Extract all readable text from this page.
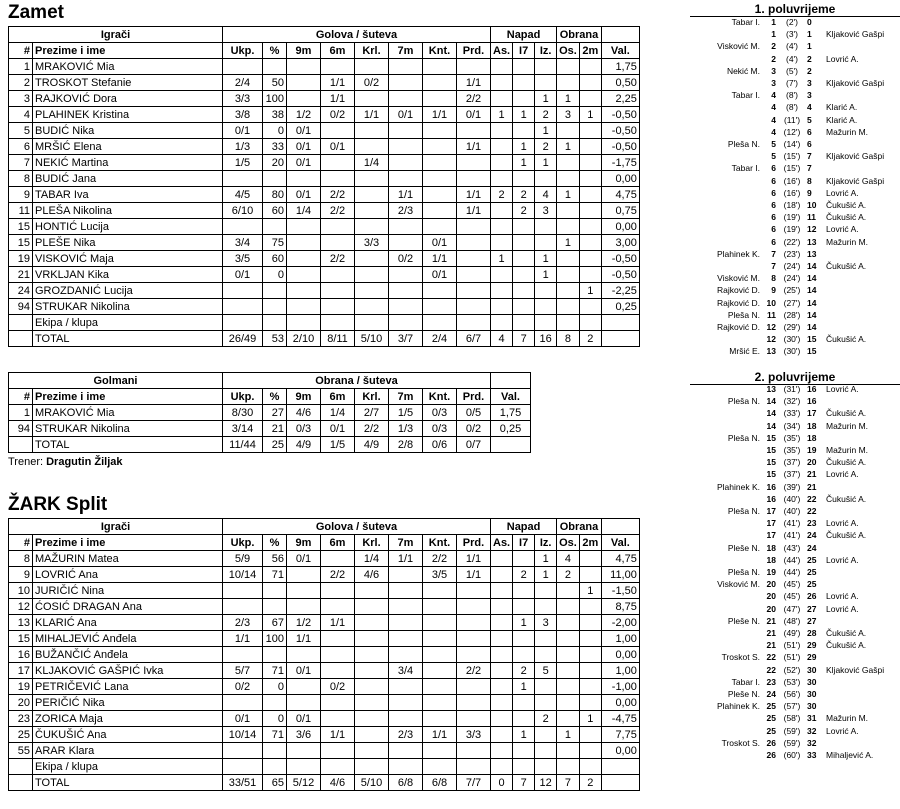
Zamet
Igrači		Golova / šuteva								Napad			Obrana		
#	Prezime i ime	Ukp.	%	9m	6m	Krl.	7m	Knt.	Prd.	As.	I7	Iz.	Os.	2m	Val.
1	MRAKOVIĆ Mia														1,75
2	TROSKOT Stefanie	2/4	50		1/1	0/2			1/1						0,50
3	RAJKOVIĆ Dora	3/3	100		1/1				2/2			1	1		2,25
4	PLAHINEK Kristina	3/8	38	1/2	0/2	1/1	0/1	1/1	0/1	1	1	2	3	1	-0,50
5	BUDIĆ Nika	0/1	0	0/1								1			-0,50
6	MRŠIĆ Elena	1/3	33	0/1	0/1				1/1		1	2	1		-0,50
7	NEKIĆ Martina	1/5	20	0/1		1/4					1	1			-1,75
8	BUDIĆ Jana														0,00
9	TABAR Iva	4/5	80	0/1	2/2		1/1		1/1	2	2	4	1		4,75
11	PLEŠA Nikolina	6/10	60	1/4	2/2		2/3		1/1		2	3			0,75
15	HONTIĆ Lucija														0,00
15	PLEŠE Nika	3/4	75			3/3		0/1					1		3,00
19	VISKOVIĆ Maja	3/5	60		2/2		0/2	1/1		1		1			-0,50
21	VRKLJAN Kika	0/1	0					0/1				1			-0,50
24	GROZDANIĆ Lucija													1	-2,25
94	STRUKAR Nikolina														0,25
	Ekipa / klupa														
	TOTAL	26/49	53	2/10	8/11	5/10	3/7	2/4	6/7	4	7	16	8	2	
Golmani		Obrana / šuteva								
#	Prezime i ime	Ukp.	%	9m	6m	Krl.	7m	Knt.	Prd.	Val.
1	MRAKOVIĆ Mia	8/30	27	4/6	1/4	2/7	1/5	0/3	0/5	1,75
94	STRUKAR Nikolina	3/14	21	0/3	0/1	2/2	1/3	0/3	0/2	0,25
	TOTAL	11/44	25	4/9	1/5	4/9	2/8	0/6	0/7	
Trener: Dragutin Žiljak
ŽARK Split
Igrači		Golova / šuteva								Napad			Obrana		
#	Prezime i ime	Ukp.	%	9m	6m	Krl.	7m	Knt.	Prd.	As.	I7	Iz.	Os.	2m	Val.
8	MAŽURIN Matea	5/9	56	0/1		1/4	1/1	2/2	1/1			1	4		4,75
9	LOVRIĆ Ana	10/14	71		2/2	4/6		3/5	1/1		2	1	2		11,00
10	JURIČIĆ Nina													1	-1,50
12	ĆOSIĆ DRAGAN Ana														8,75
13	KLARIĆ Ana	2/3	67	1/2	1/1						1	3			-2,00
15	MIHALJEVIĆ Anđela	1/1	100	1/1											1,00
16	BUŽANČIĆ Anđela														0,00
17	KLJAKOVIĆ GAŠPIĆ Ivka	5/7	71	0/1			3/4		2/2		2	5			1,00
19	PETRIČEVIĆ Lana	0/2	0		0/2						1				-1,00
20	PERIČIĆ Nika														0,00
23	ZORICA Maja	0/1	0	0/1								2		1	-4,75
25	ČUKUŠIĆ Ana	10/14	71	3/6	1/1		2/3	1/1	3/3		1		1		7,75
55	ARAR Klara														0,00
	Ekipa / klupa														
	TOTAL	33/51	65	5/12	4/6	5/10	6/8	6/8	7/7	0	7	12	7	2	
1. poluvrijeme
Tabar I.	1	(2')	0
1	(3')	1	Kljaković Gašpi
Visković M.	2	(4')	1
2	(4')	2	Lovrić A.
Nekić M.	3	(5')	2
3	(7')	3	Kljaković Gašpi
Tabar I.	4	(8')	3
4	(8')	4	Klarić A.
4 (11') 5	Klarić A.
4 (12') 6	Mažurin M.
Pleša N.	5 (14') 6
5 (15') 7	Kljaković Gašpi
Tabar I.	6 (15') 7
6 (16') 8	Kljaković Gašpi
6 (16') 9	Lovrić A.
6 (18') 10	Čukušić A.
6 (19') 11	Čukušić A.
6 (19') 12	Lovrić A.
6 (22') 13	Mažurin M.
Plahinek K.	7 (23') 13
7 (24') 14	Čukušić A.
Visković M.	8 (24') 14
Rajković D.	9 (25') 14
Rajković D. 10 (27') 14
Pleša N. 11 (28') 14
Rajković D. 12 (29') 14
12 (30') 15	Čukušić A.
Mršić E. 13 (30') 15
2. poluvrijeme
13 (31') 16	Lovrić A.
Pleša N. 14 (32') 16
14 (33') 17	Čukušić A.
14 (34') 18	Mažurin M.
Pleša N. 15 (35') 18
15 (35') 19	Mažurin M.
15 (37') 20	Čukušić A.
15 (37') 21	Lovrić A.
Plahinek K. 16 (39') 21
16 (40') 22	Čukušić A.
Pleša N. 17 (40') 22
17 (41') 23	Lovrić A.
17 (41') 24	Čukušić A.
Pleše N. 18 (43') 24
18 (44') 25	Lovrić A.
Pleša N. 19 (44') 25
Visković M. 20 (45') 25
20 (45') 26	Lovrić A.
20 (47') 27	Lovrić A.
Pleše N. 21 (48') 27
21 (49') 28	Čukušić A.
21 (51') 29	Čukušić A.
Troskot S. 22 (51') 29
22 (52') 30	Kljaković Gašpi
Tabar I. 23 (53') 30
Pleše N. 24 (56') 30
Plahinek K. 25 (57') 30
25 (58') 31	Mažurin M.
25 (59') 32	Lovrić A.
Troskot S. 26 (59') 32
26 (60') 33	Mihaljević A.
